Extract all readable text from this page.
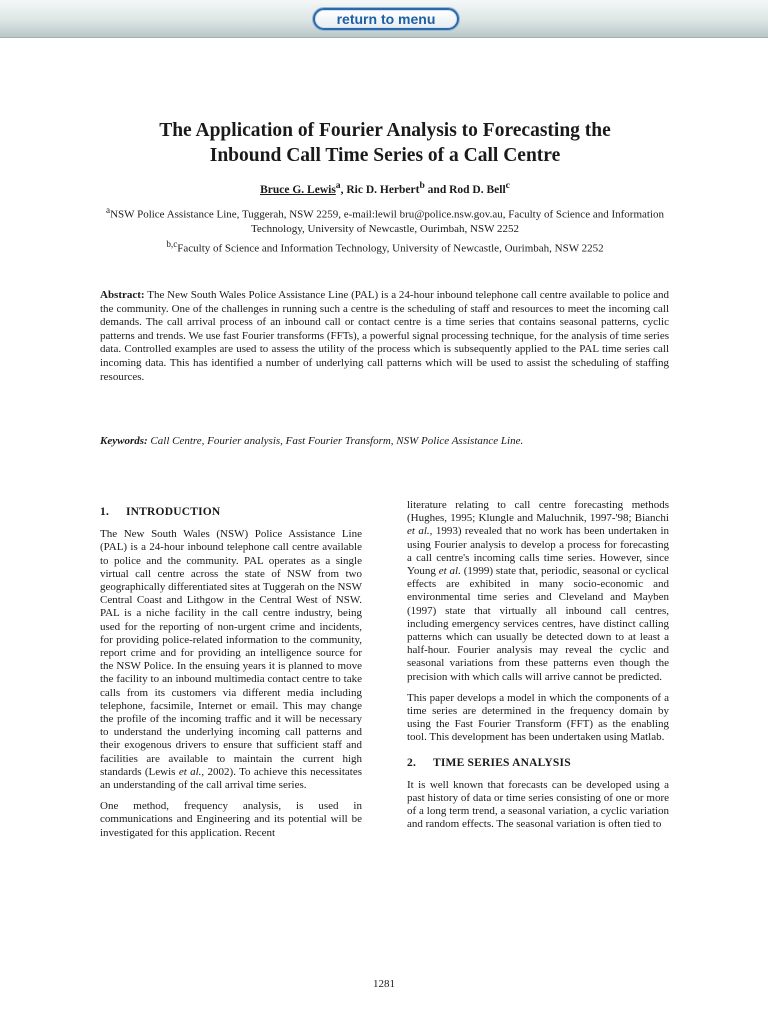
return to menu
The Application of Fourier Analysis to Forecasting the
Inbound Call Time Series of a Call Centre
Bruce G. Lewis$^a$, Ric D. Herbert$^b$ and Rod D. Bell$^c$
$^a$NSW Police Assistance Line, Tuggerah, NSW 2259, e-mail:lewil bru@police.nsw.gov.au, Faculty of Science and Information Technology, University of Newcastle, Ourimbah, NSW 2252
$^{b,c}$Faculty of Science and Information Technology, University of Newcastle, Ourimbah, NSW 2252
Abstract: The New South Wales Police Assistance Line (PAL) is a 24-hour inbound telephone call centre available to police and the community. One of the challenges in running such a centre is the scheduling of staff and resources to meet the incoming call demands. The call arrival process of an inbound call or contact centre is a time series that contains seasonal patterns, cyclic patterns and trends. We use fast Fourier transforms (FFTs), a powerful signal processing technique, for the analysis of time series data. Controlled examples are used to assess the utility of the process which is subsequently applied to the PAL time series call incoming data. This has identified a number of underlying call patterns which will be used to assist the scheduling of staffing resources.
Keywords: Call Centre, Fourier analysis, Fast Fourier Transform, NSW Police Assistance Line.
1. INTRODUCTION

The New South Wales (NSW) Police Assistance Line (PAL) is a 24-hour inbound telephone call centre available to police and the community. PAL operates as a single virtual call centre across the state of NSW from two geographically differentiated sites at Tuggerah on the NSW Central Coast and Lithgow in the Central West of NSW. PAL is a niche facility in the call centre industry, being used for the reporting of non-urgent crime and incidents, for providing police-related information to the community, report crime and for providing an intelligence source for the NSW Police. In the ensuing years it is planned to move the facility to an inbound multimedia contact centre to take calls from its customers via different media including telephone, facsimile, Internet or email. This may change the profile of the incoming traffic and it will be necessary to understand the underlying incoming call patterns and their exogenous drivers to ensure that sufficient staff and facilities are available to maintain the current high standards (Lewis et al., 2002). To achieve this necessitates an understanding of the call arrival time series.

One method, frequency analysis, is used in communications and Engineering and its potential will be investigated for this application. Recent

literature relating to call centre forecasting methods (Hughes, 1995; Klungle and Maluchnik, 1997-'98; Bianchi et al., 1993) revealed that no work has been undertaken in using Fourier analysis to develop a process for forecasting a call centre's incoming calls time series. However, since Young et al. (1999) state that, periodic, seasonal or cyclical effects are exhibited in many socio-economic and environmental time series and Cleveland and Mayben (1997) state that virtually all inbound call centres, including emergency services centres, have distinct calling patterns which can usually be detected down to at least a half-hour. Fourier analysis may reveal the cyclic and seasonal variations from these patterns even though the precision with which calls will arrive cannot be predicted.

This paper develops a model in which the components of a time series are determined in the frequency domain by using the Fast Fourier Transform (FFT) as the enabling tool. This development has been undertaken using Matlab.

2. TIME SERIES ANALYSIS

It is well known that forecasts can be developed using a past history of data or time series consisting of one or more of a long term trend, a seasonal variation, a cyclic variation and random effects. The seasonal variation is often tied to

1281
